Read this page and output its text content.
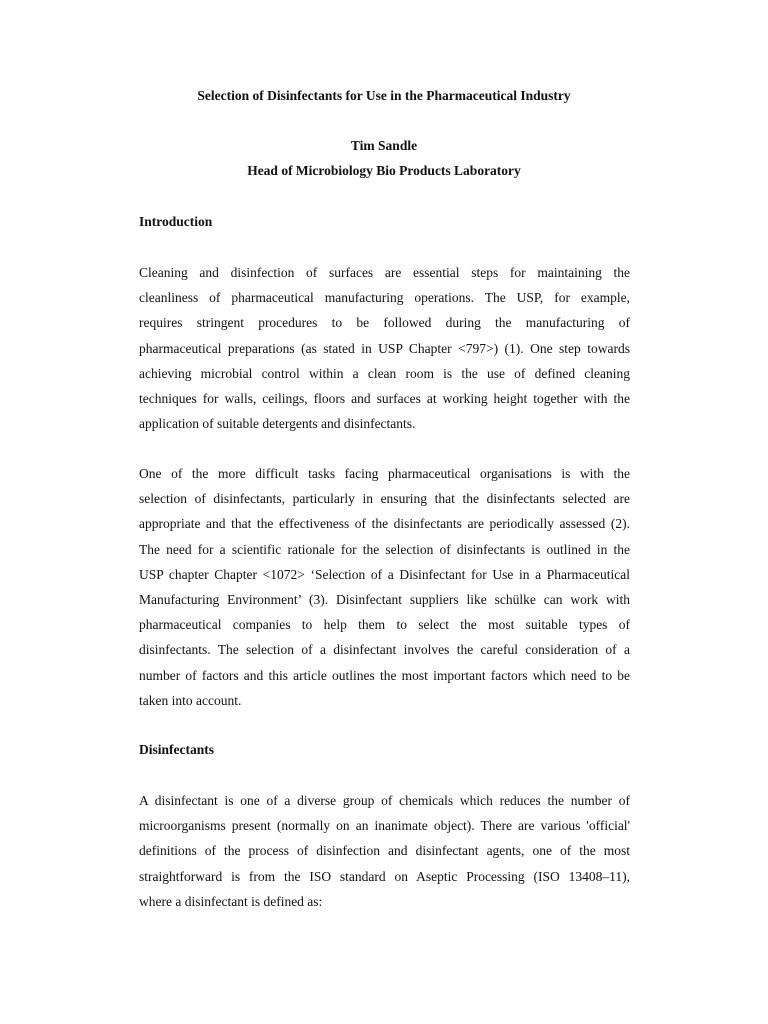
Selection of Disinfectants for Use in the Pharmaceutical Industry
Tim Sandle
Head of Microbiology Bio Products Laboratory
Introduction
Cleaning and disinfection of surfaces are essential steps for maintaining the
cleanliness of pharmaceutical manufacturing operations. The USP, for example,
requires stringent procedures to be followed during the manufacturing of
pharmaceutical preparations (as stated in USP Chapter <797>) (1). One step towards
achieving microbial control within a clean room is the use of defined cleaning
techniques for walls, ceilings, floors and surfaces at working height together with the
application of suitable detergents and disinfectants.
One of the more difficult tasks facing pharmaceutical organisations is with the
selection of disinfectants, particularly in ensuring that the disinfectants selected are
appropriate and that the effectiveness of the disinfectants are periodically assessed (2).
The need for a scientific rationale for the selection of disinfectants is outlined in the
USP chapter Chapter <1072> ‘Selection of a Disinfectant for Use in a Pharmaceutical
Manufacturing Environment’ (3). Disinfectant suppliers like schülke can work with
pharmaceutical companies to help them to select the most suitable types of
disinfectants. The selection of a disinfectant involves the careful consideration of a
number of factors and this article outlines the most important factors which need to be
taken into account.
Disinfectants
A disinfectant is one of a diverse group of chemicals which reduces the number of
microorganisms present (normally on an inanimate object). There are various 'official'
definitions of the process of disinfection and disinfectant agents, one of the most
straightforward is from the ISO standard on Aseptic Processing (ISO 13408–11),
where a disinfectant is defined as:
